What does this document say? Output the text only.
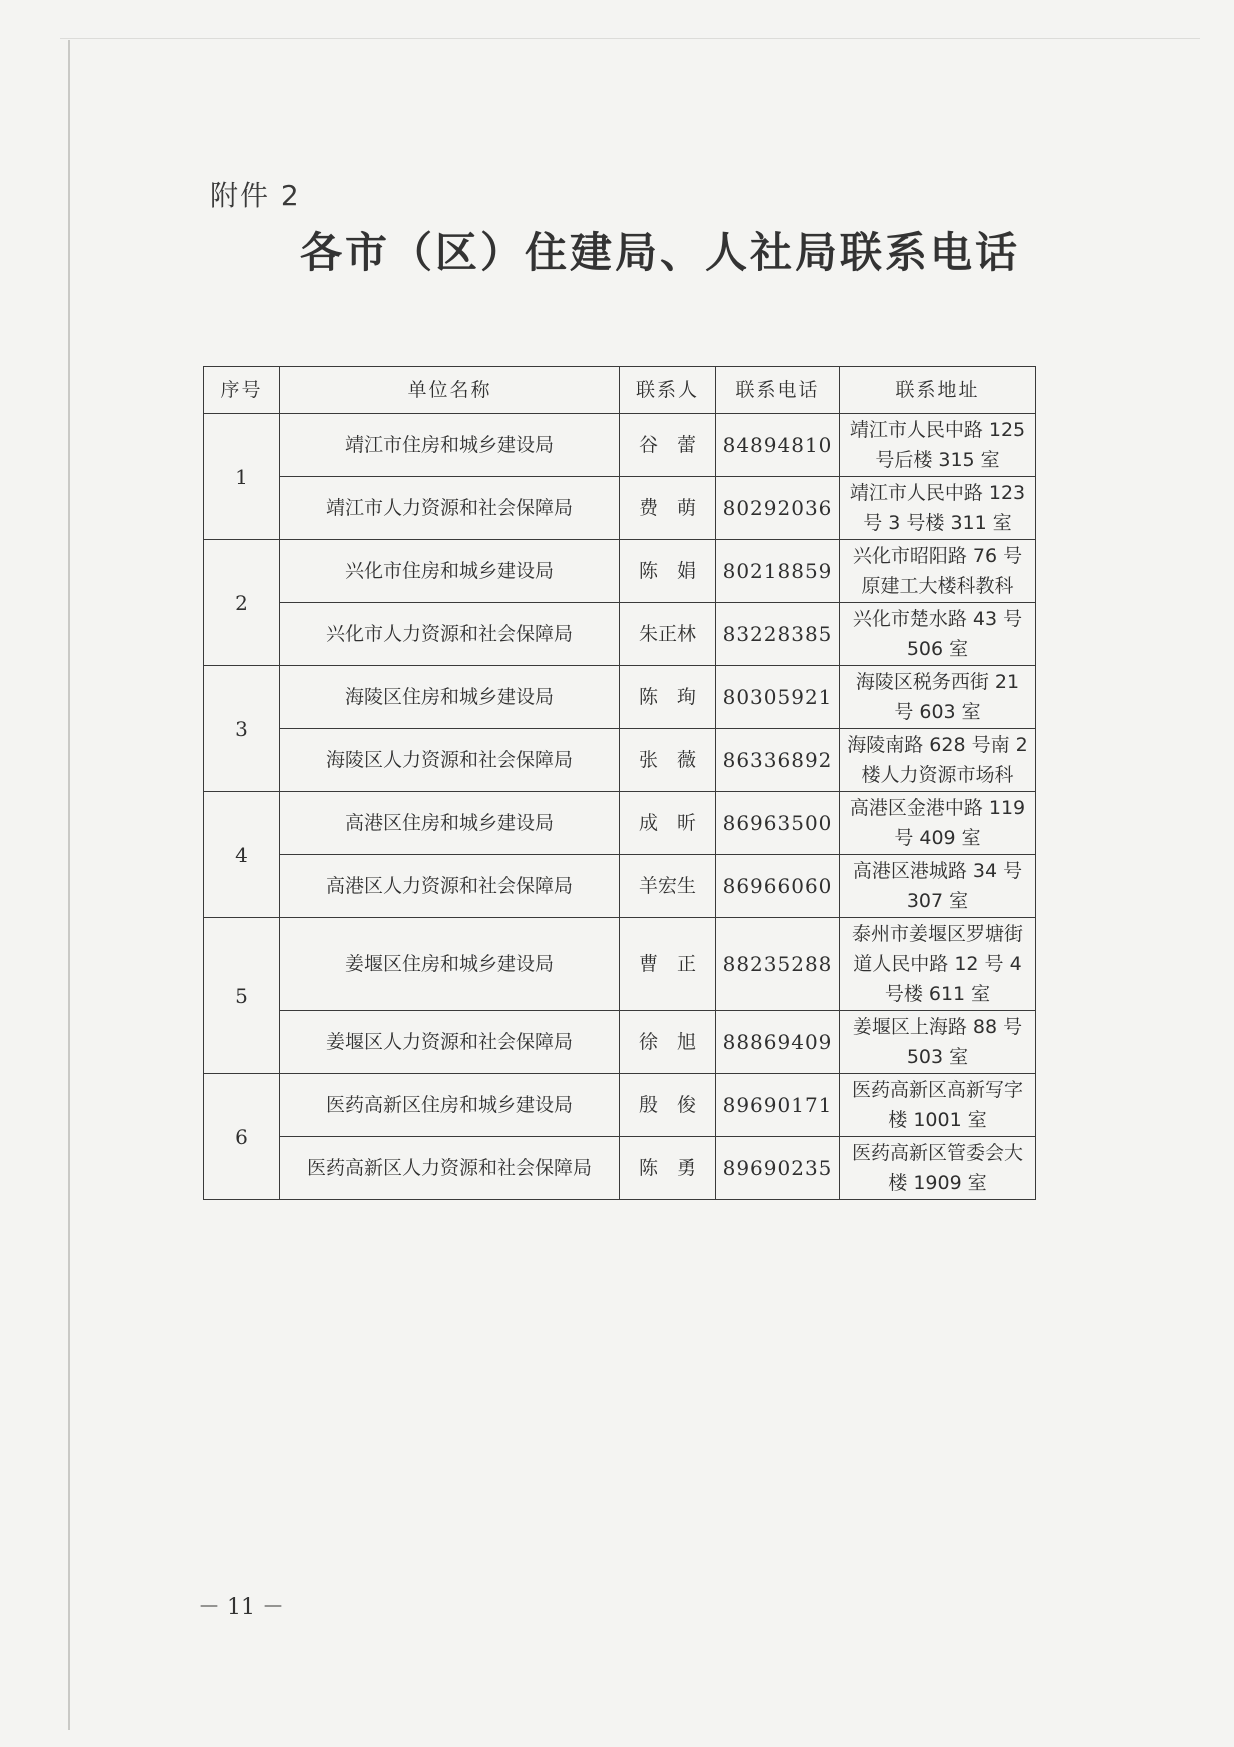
附件 2
各市（区）住建局、人社局联系电话
序号	单位名称	联系人	联系电话	联系地址
1	靖江市住房和城乡建设局	谷　蕾	84894810	靖江市人民中路 125 号后楼 315 室
	靖江市人力资源和社会保障局	费　萌	80292036	靖江市人民中路 123 号 3 号楼 311 室
2	兴化市住房和城乡建设局	陈　娟	80218859	兴化市昭阳路 76 号原建工大楼科教科
	兴化市人力资源和社会保障局	朱正林	83228385	兴化市楚水路 43 号 506 室
3	海陵区住房和城乡建设局	陈　珣	80305921	海陵区税务西街 21 号 603 室
	海陵区人力资源和社会保障局	张　薇	86336892	海陵南路 628 号南 2 楼人力资源市场科
4	高港区住房和城乡建设局	成　昕	86963500	高港区金港中路 119 号 409 室
	高港区人力资源和社会保障局	羊宏生	86966060	高港区港城路 34 号 307 室
5	姜堰区住房和城乡建设局	曹　正	88235288	泰州市姜堰区罗塘街道人民中路 12 号 4 号楼 611 室
	姜堰区人力资源和社会保障局	徐　旭	88869409	姜堰区上海路 88 号 503 室
6	医药高新区住房和城乡建设局	殷　俊	89690171	医药高新区高新写字楼 1001 室
	医药高新区人力资源和社会保障局	陈　勇	89690235	医药高新区管委会大楼 1909 室
－ 11 －
